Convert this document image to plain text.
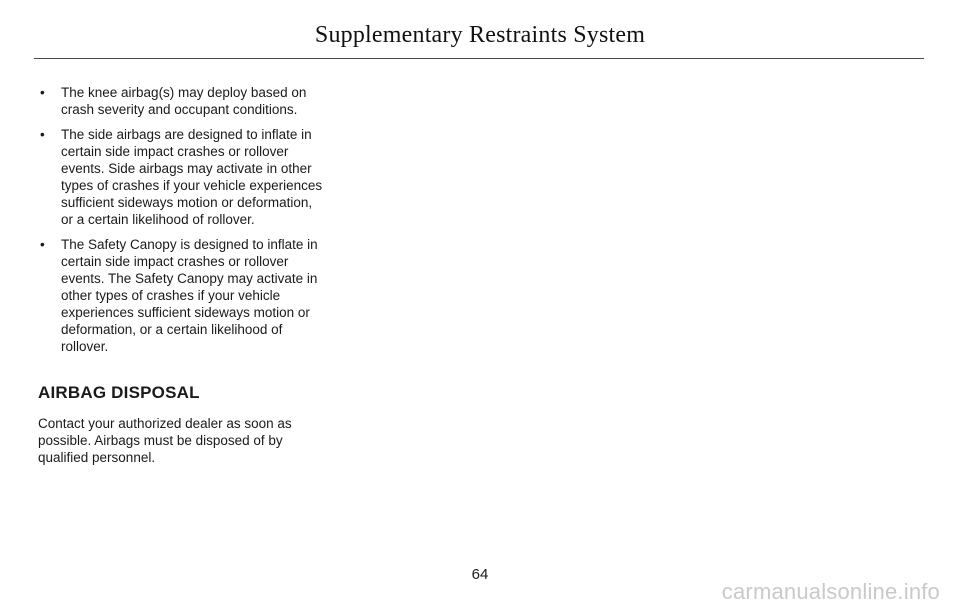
Supplementary Restraints System
• The knee airbag(s) may deploy based on crash severity and occupant conditions.
• The side airbags are designed to inflate in certain side impact crashes or rollover events. Side airbags may activate in other types of crashes if your vehicle experiences sufficient sideways motion or deformation, or a certain likelihood of rollover.
• The Safety Canopy is designed to inflate in certain side impact crashes or rollover events. The Safety Canopy may activate in other types of crashes if your vehicle experiences sufficient sideways motion or deformation, or a certain likelihood of rollover.
AIRBAG DISPOSAL

Contact your authorized dealer as soon as possible. Airbags must be disposed of by qualified personnel.

64
carmanualsonline.info
